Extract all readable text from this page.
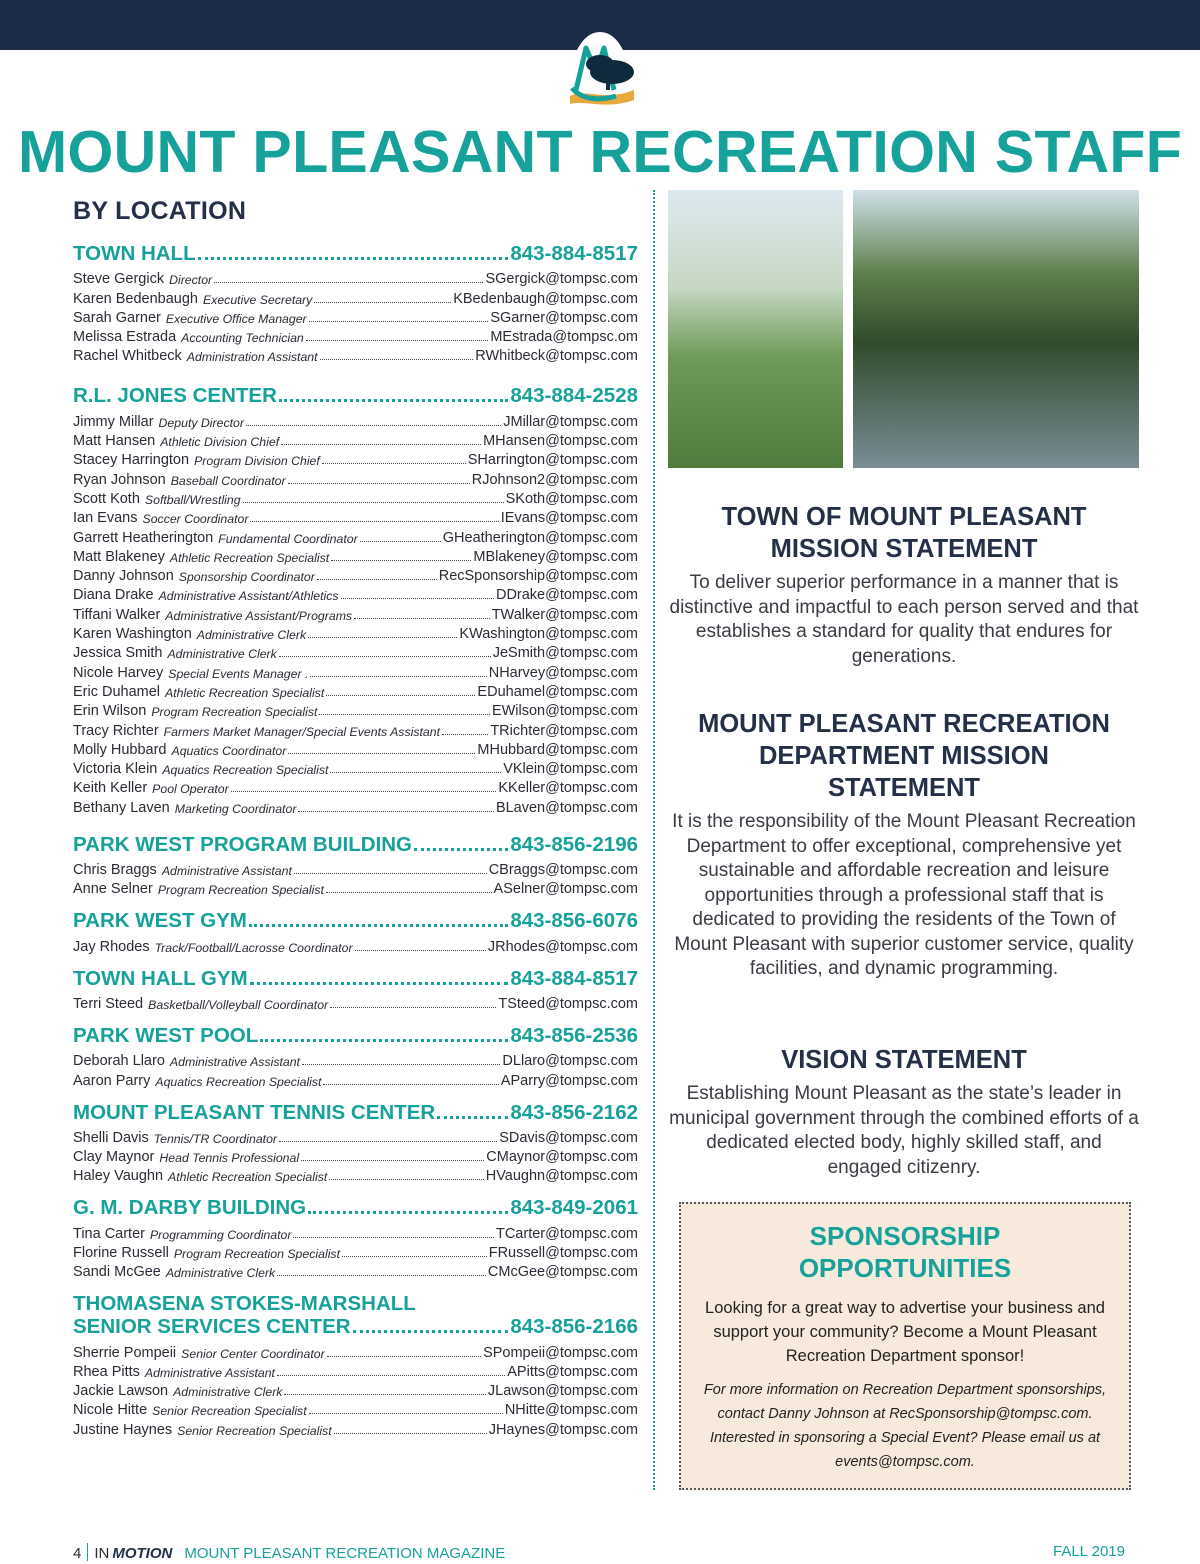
MOUNT PLEASANT RECREATION STAFF
BY LOCATION
TOWN HALL	843-884-8517
Steve Gergick Director	SGergick@tompsc.com
Karen Bedenbaugh Executive Secretary	KBedenbaugh@tompsc.com
Sarah Garner Executive Office Manager	SGarner@tompsc.com
Melissa Estrada Accounting Technician	MEstrada@tompsc.om
Rachel Whitbeck Administration Assistant	RWhitbeck@tompsc.com
R.L. JONES CENTER	843-884-2528
Jimmy Millar Deputy Director	JMillar@tompsc.com
Matt Hansen Athletic Division Chief	MHansen@tompsc.com
Stacey Harrington Program Division Chief	SHarrington@tompsc.com
Ryan Johnson Baseball Coordinator	RJohnson2@tompsc.com
Scott Koth Softball/Wrestling	SKoth@tompsc.com
Ian Evans Soccer Coordinator	IEvans@tompsc.com
Garrett Heatherington Fundamental Coordinator	GHeatherington@tompsc.com
Matt Blakeney Athletic Recreation Specialist	MBlakeney@tompsc.com
Danny Johnson Sponsorship Coordinator	RecSponsorship@tompsc.com
Diana Drake Administrative Assistant/Athletics	DDrake@tompsc.com
Tiffani Walker Administrative Assistant/Programs	TWalker@tompsc.com
Karen Washington Administrative Clerk	KWashington@tompsc.com
Jessica Smith Administrative Clerk	JeSmith@tompsc.com
Nicole Harvey Special Events Manager .	NHarvey@tompsc.com
Eric Duhamel Athletic Recreation Specialist	EDuhamel@tompsc.com
Erin Wilson Program Recreation Specialist	EWilson@tompsc.com
Tracy Richter Farmers Market Manager/Special Events Assistant	TRichter@tompsc.com
Molly Hubbard Aquatics Coordinator	MHubbard@tompsc.com
Victoria Klein Aquatics Recreation Specialist	VKlein@tompsc.com
Keith Keller Pool Operator	KKeller@tompsc.com
Bethany Laven Marketing Coordinator	BLaven@tompsc.com
PARK WEST PROGRAM BUILDING	843-856-2196
Chris Braggs Administrative Assistant	CBraggs@tompsc.com
Anne Selner Program Recreation Specialist	ASelner@tompsc.com
PARK WEST GYM	843-856-6076
Jay Rhodes Track/Football/Lacrosse Coordinator	JRhodes@tompsc.com
TOWN HALL GYM	843-884-8517
Terri Steed Basketball/Volleyball Coordinator	TSteed@tompsc.com
PARK WEST POOL	843-856-2536
Deborah Llaro Administrative Assistant	DLlaro@tompsc.com
Aaron Parry Aquatics Recreation Specialist	AParry@tompsc.com
MOUNT PLEASANT TENNIS CENTER	843-856-2162
Shelli Davis Tennis/TR Coordinator	SDavis@tompsc.com
Clay Maynor Head Tennis Professional	CMaynor@tompsc.com
Haley Vaughn Athletic Recreation Specialist	HVaughn@tompsc.com
G. M. DARBY BUILDING	843-849-2061
Tina Carter Programming Coordinator	TCarter@tompsc.com
Florine Russell Program Recreation Specialist	FRussell@tompsc.com
Sandi McGee Administrative Clerk	CMcGee@tompsc.com
THOMASENA STOKES-MARSHALL
SENIOR SERVICES CENTER	843-856-2166
Sherrie Pompeii Senior Center Coordinator	SPompeii@tompsc.com
Rhea Pitts Administrative Assistant	APitts@tompsc.com
Jackie Lawson Administrative Clerk	JLawson@tompsc.com
Nicole Hitte Senior Recreation Specialist	NHitte@tompsc.com
Justine Haynes Senior Recreation Specialist	JHaynes@tompsc.com
TOWN OF MOUNT PLEASANT MISSION STATEMENT

To deliver superior performance in a manner that is distinctive and impactful to each person served and that establishes a standard for quality that endures for generations.

MOUNT PLEASANT RECREATION DEPARTMENT MISSION STATEMENT

It is the responsibility of the Mount Pleasant Recreation Department to offer exceptional, comprehensive yet sustainable and affordable recreation and leisure opportunities through a professional staff that is dedicated to providing the residents of the Town of Mount Pleasant with superior customer service, quality facilities, and dynamic programming.

VISION STATEMENT

Establishing Mount Pleasant as the state’s leader in municipal government through the combined efforts of a dedicated elected body, highly skilled staff, and engaged citizenry.

SPONSORSHIP OPPORTUNITIES

Looking for a great way to advertise your business and support your community? Become a Mount Pleasant Recreation Department sponsor!

For more information on Recreation Department sponsorships, contact Danny Johnson at RecSponsorship@tompsc.com. Interested in sponsoring a Special Event? Please email us at events@tompsc.com.

4 IN MOTION MOUNT PLEASANT RECREATION MAGAZINE	FALL 2019
